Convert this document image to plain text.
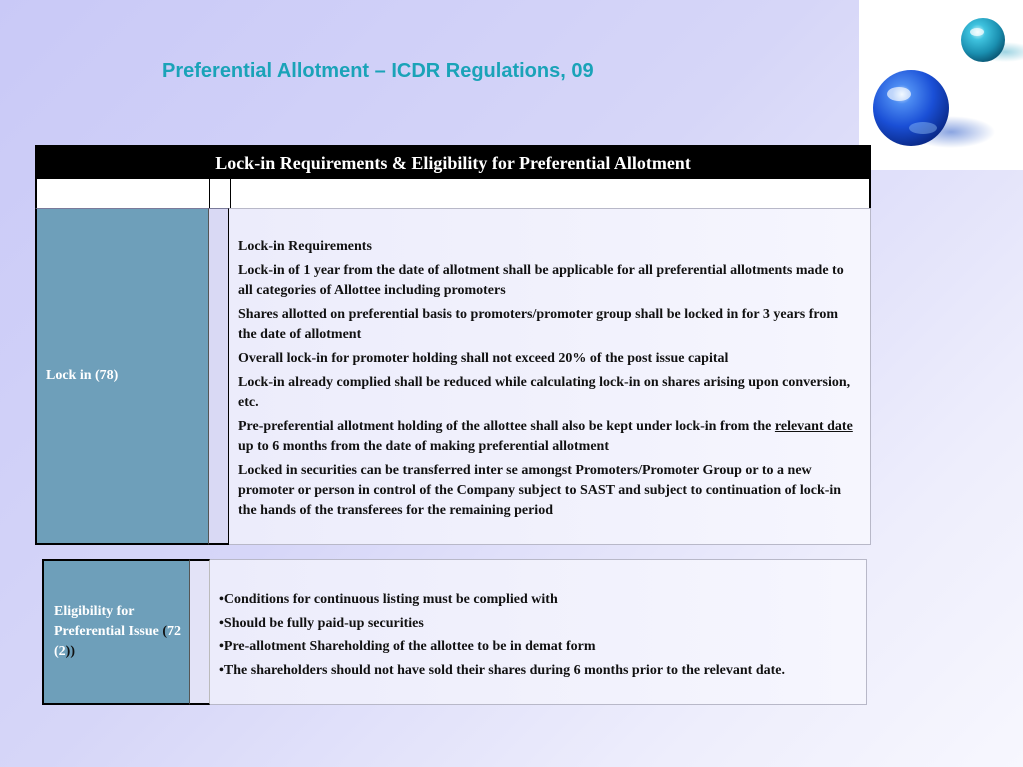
Preferential Allotment – ICDR Regulations, 09
Lock-in Requirements & Eligibility for Preferential Allotment
Lock in (78)

Lock-in Requirements

Lock-in of 1 year from the date of allotment shall be applicable for all preferential allotments made to all categories of Allottee including promoters

Shares allotted on preferential basis to promoters/promoter group shall be locked in for 3 years from the date of allotment

Overall lock-in for promoter holding shall not exceed 20% of the post issue capital

Lock-in already complied shall be reduced while calculating lock-in on shares arising upon conversion, etc.

Pre-preferential allotment holding of the allottee shall also be kept under lock-in from the relevant date up to 6 months from the date of making preferential allotment

Locked in securities can be transferred inter se amongst Promoters/Promoter Group or to a new promoter or person in control of the Company subject to SAST and subject to continuation of lock-in the hands of the transferees for the remaining period

Eligibility for Preferential Issue (72 (2))

•Conditions for continuous listing must be complied with

•Should be fully paid-up securities

•Pre-allotment Shareholding of the allottee to be in demat form

•The shareholders should not have sold their shares during 6 months prior to the relevant date.
